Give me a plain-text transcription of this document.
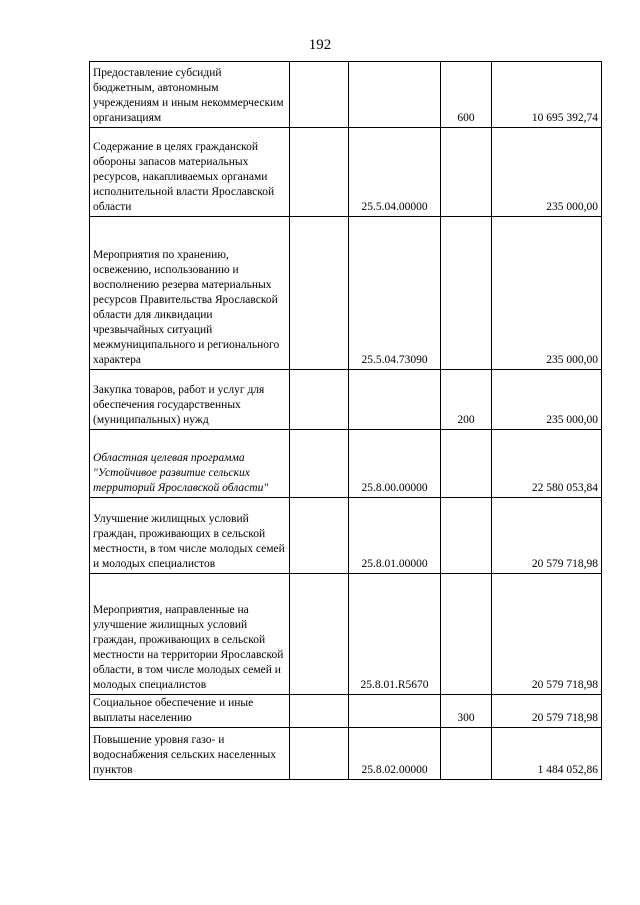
192
Предоставление субсидий бюджетным, автономным учреждениям и иным некоммерческим организациям			600	10 695 392,74
Содержание в целях гражданской обороны запасов материальных ресурсов, накапливаемых органами исполнительной власти Ярославской области		25.5.04.00000		235 000,00
Мероприятия по хранению, освежению, использованию и восполнению резерва материальных ресурсов Правительства Ярославской области для ликвидации чрезвычайных ситуаций межмуниципального и регионального характера		25.5.04.73090		235 000,00
Закупка товаров, работ и услуг для обеспечения государственных (муниципальных) нужд			200	235 000,00
Областная целевая программа "Устойчивое развитие сельских территорий Ярославской области"		25.8.00.00000		22 580 053,84
Улучшение жилищных условий граждан, проживающих в сельской местности, в том числе молодых семей и молодых специалистов		25.8.01.00000		20 579 718,98
Мероприятия, направленные на улучшение жилищных условий граждан, проживающих в сельской местности на территории Ярославской области, в том числе молодых семей и молодых специалистов		25.8.01.R5670		20 579 718,98
Социальное обеспечение и иные выплаты населению			300	20 579 718,98
Повышение уровня газо- и водоснабжения сельских населенных пунктов		25.8.02.00000		1 484 052,86
